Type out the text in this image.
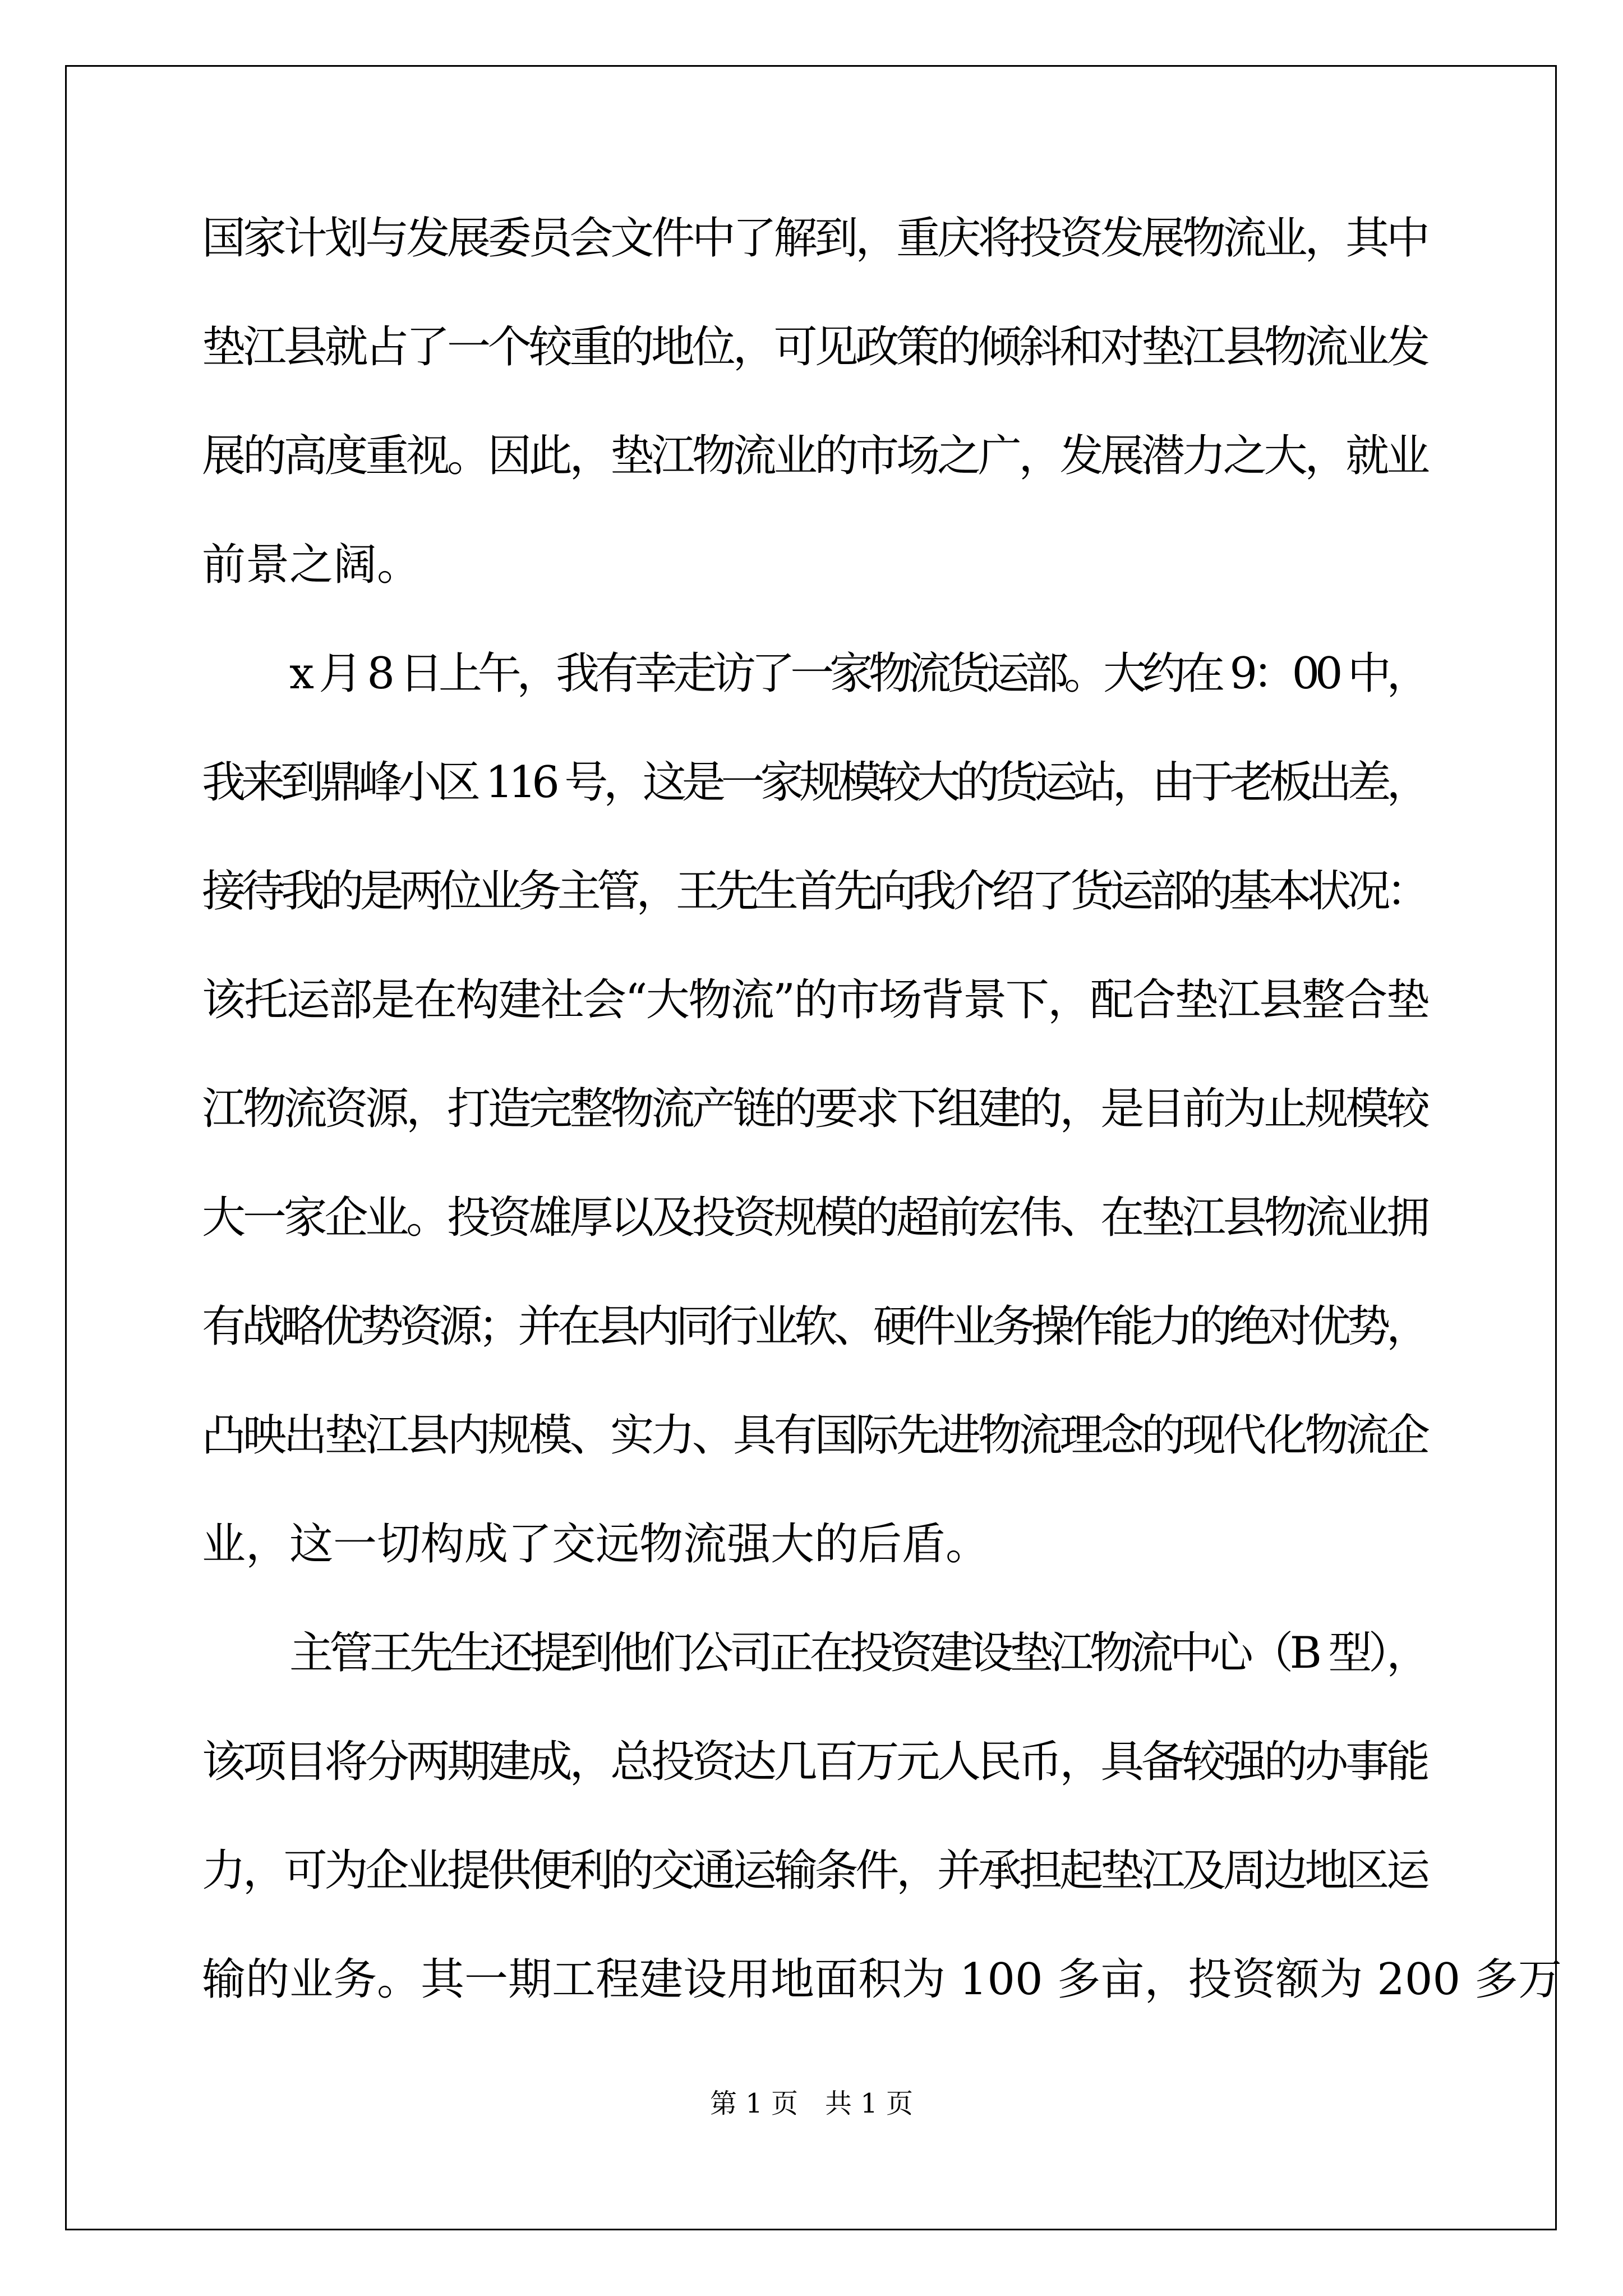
国家计划与发展委员会文件中了解到，重庆将投资发展物流业，其中
垫江县就占了一个较重的地位，可见政策的倾斜和对垫江县物流业发
展的高度重视。因此，垫江物流业的市场之广，发展潜力之大，就业
前景之阔。
x 月 8 日上午，我有幸走访了一家物流货运部。大约在 9：00 中，
我来到鼎峰小区 116 号，这是一家规模较大的货运站，由于老板出差，
接待我的是两位业务主管，王先生首先向我介绍了货运部的基本状况：
该托运部是在构建社会“大物流”的市场背景下，配合垫江县整合垫
江物流资源，打造完整物流产链的要求下组建的，是目前为止规模较
大一家企业。投资雄厚以及投资规模的超前宏伟、在垫江县物流业拥
有战略优势资源；并在县内同行业软、硬件业务操作能力的绝对优势，
凸映出垫江县内规模、实力、具有国际先进物流理念的现代化物流企
业，这一切构成了交远物流强大的后盾。
主管王先生还提到他们公司正在投资建设垫江物流中心（B 型），
该项目将分两期建成，总投资达几百万元人民币，具备较强的办事能
力，可为企业提供便利的交通运输条件，并承担起垫江及周边地区运
输的业务。其一期工程建设用地面积为 100 多亩，投资额为 200 多万
第 1 页　共 1 页
